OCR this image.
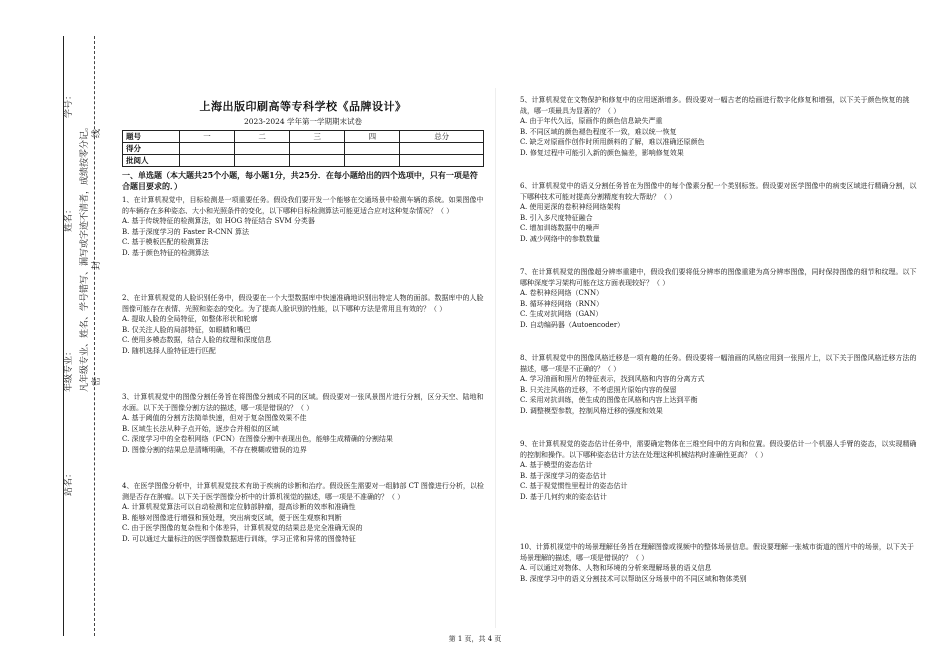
学号：
姓名：
年级专业： 凡年级专业、姓名、学号错写、漏写或字迹不清者，成绩按零分记。 线
封
密
站名：
上海出版印刷高等专科学校《品牌设计》
2023-2024 学年第一学期期末试卷
题号	一	二	三	四	总分
得分					
批阅人					
一、单选题（本大题共25个小题，每小题1分，共25分．在每小题给出的四个选项中，只有一项是符合题目要求的．）

1、在计算机视觉中，目标检测是一项重要任务。假设我们要开发一个能够在交通场景中检测车辆的系统。如果图像中的车辆存在多种姿态、大小和光照条件的变化，以下哪种目标检测算法可能更适合应对这种复杂情况？（ ）

A. 基于传统特征的检测算法，如 HOG 特征结合 SVM 分类器

B. 基于深度学习的 Faster R-CNN 算法

C. 基于模板匹配的检测算法

D. 基于颜色特征的检测算法

2、在计算机视觉的人脸识别任务中，假设要在一个大型数据库中快速准确地识别出特定人物的面部。数据库中的人脸图像可能存在表情、光照和姿态的变化。为了提高人脸识别的性能，以下哪种方法是常用且有效的？（ ）

A. 提取人脸的全局特征，如整体形状和轮廓

B. 仅关注人脸的局部特征，如眼睛和嘴巴

C. 使用多模态数据，结合人脸的纹理和深度信息

D. 随机选择人脸特征进行匹配

3、计算机视觉中的图像分割任务旨在将图像分割成不同的区域。假设要对一张风景图片进行分割，区分天空、陆地和水面。以下关于图像分割方法的描述，哪一项是错误的？（ ）

A. 基于阈值的分割方法简单快速，但对于复杂图像效果不佳

B. 区域生长法从种子点开始，逐步合并相似的区域

C. 深度学习中的全卷积网络（FCN）在图像分割中表现出色，能够生成精确的分割结果

D. 图像分割的结果总是清晰明确，不存在模糊或错误的边界

4、在医学图像分析中，计算机视觉技术有助于疾病的诊断和治疗。假设医生需要对一组肺部 CT 图像进行分析，以检测是否存在肿瘤。以下关于医学图像分析中的计算机视觉的描述，哪一项是不准确的？（ ）

A. 计算机视觉算法可以自动检测和定位肺部肿瘤，提高诊断的效率和准确性

B. 能够对图像进行增强和预处理，突出病变区域，便于医生观察和判断

C. 由于医学图像的复杂性和个体差异，计算机视觉的结果总是完全准确无误的

D. 可以通过大量标注的医学图像数据进行训练，学习正常和异常的图像特征

5、计算机视觉在文物保护和修复中的应用逐渐增多。假设要对一幅古老的绘画进行数字化修复和增强，以下关于颜色恢复的挑战，哪一项最具为显著的？（ ）

A. 由于年代久远，原画作的颜色信息缺失严重

B. 不同区域的颜色褪色程度不一致，难以统一恢复

C. 缺乏对原画作创作时所用颜料的了解，难以准确还原颜色

D. 修复过程中可能引入新的颜色偏差，影响修复效果

6、计算机视觉中的语义分割任务旨在为图像中的每个像素分配一个类别标签。假设要对医学图像中的病变区域进行精确分割，以下哪种技术可能对提高分割精度有较大帮助？（ ）

A. 使用更深的卷积神经网络架构

B. 引入多尺度特征融合

C. 增加训练数据中的噪声

D. 减少网络中的参数数量

7、在计算机视觉的图像超分辨率重建中，假设我们要将低分辨率的图像重建为高分辨率图像，同时保持图像的细节和纹理。以下哪种深度学习架构可能在这方面表现较好？（ ）

A. 卷积神经网络（CNN）

B. 循环神经网络（RNN）

C. 生成对抗网络（GAN）

D. 自动编码器（Autoencoder）

8、计算机视觉中的图像风格迁移是一项有趣的任务。假设要将一幅油画的风格应用到一张照片上，以下关于图像风格迁移方法的描述，哪一项是不正确的？（ ）

A. 学习油画和照片的特征表示，找到风格和内容的分离方式

B. 只关注风格的迁移，不考虑照片原始内容的保留

C. 采用对抗训练，使生成的图像在风格和内容上达到平衡

D. 调整模型参数，控制风格迁移的强度和效果

9、在计算机视觉的姿态估计任务中，需要确定物体在三维空间中的方向和位置。假设要估计一个机器人手臂的姿态，以实现精确的控制和操作。以下哪种姿态估计方法在处理这种机械结构时准确性更高？（ ）

A. 基于模型的姿态估计

B. 基于深度学习的姿态估计

C. 基于视觉惯性里程计的姿态估计

D. 基于几何约束的姿态估计

10、计算机视觉中的场景理解任务旨在理解图像或视频中的整体场景信息。假设要理解一张城市街道的图片中的场景，以下关于场景理解的描述，哪一项是错误的？（ ）

A. 可以通过对物体、人物和环境的分析来理解场景的语义信息

B. 深度学习中的语义分割技术可以帮助区分场景中的不同区域和物体类别

第 1 页，共 4 页
